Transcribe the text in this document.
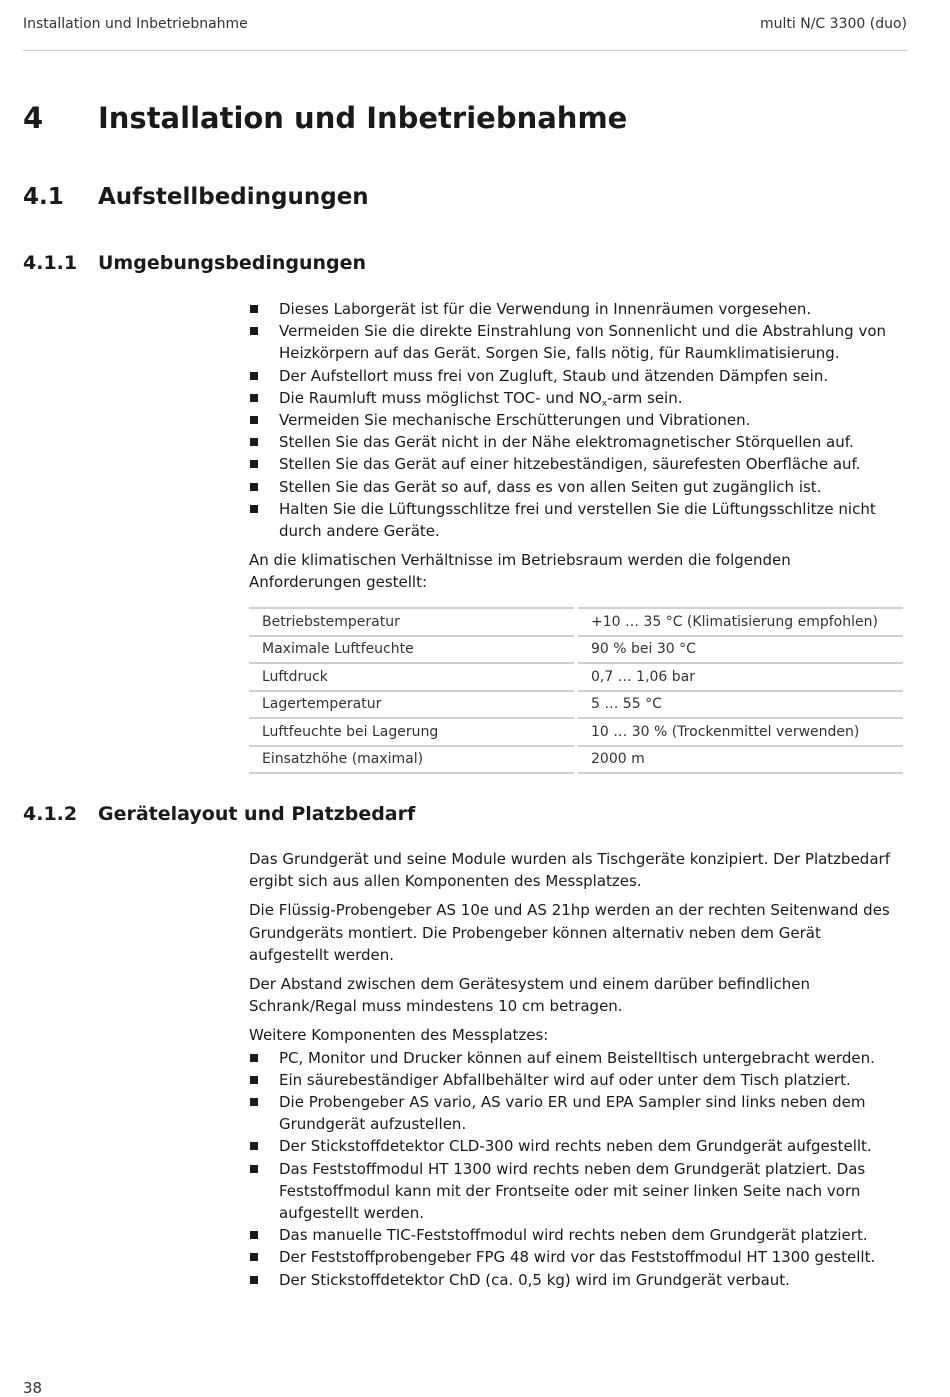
Installation und Inbetriebnahme	multi N/C 3300 (duo)
4 Installation und Inbetriebnahme
4.1 Aufstellbedingungen
4.1.1 Umgebungsbedingungen
Dieses Laborgerät ist für die Verwendung in Innenräumen vorgesehen.
Vermeiden Sie die direkte Einstrahlung von Sonnenlicht und die Abstrahlung von Heizkörpern auf das Gerät. Sorgen Sie, falls nötig, für Raumklimatisierung.
Der Aufstellort muss frei von Zugluft, Staub und ätzenden Dämpfen sein.
Die Raumluft muss möglichst TOC- und $NO_x$-arm sein.
Vermeiden Sie mechanische Erschütterungen und Vibrationen.
Stellen Sie das Gerät nicht in der Nähe elektromagnetischer Störquellen auf.
Stellen Sie das Gerät auf einer hitzebeständigen, säurefesten Oberfläche auf.
Stellen Sie das Gerät so auf, dass es von allen Seiten gut zugänglich ist.
Halten Sie die Lüftungsschlitze frei und verstellen Sie die Lüftungsschlitze nicht durch andere Geräte.

An die klimatischen Verhältnisse im Betriebsraum werden die folgenden Anforderungen gestellt:

Betriebstemperatur		+10 … 35 °C (Klimatisierung empfohlen)
Maximale Luftfeuchte		90 % bei 30 °C
Luftdruck		0,7 … 1,06 bar
Lagertemperatur		5 … 55 °C
Luftfeuchte bei Lagerung		10 … 30 % (Trockenmittel verwenden)
Einsatzhöhe (maximal)		2000 m
4.1.2 Gerätelayout und Platzbedarf

Das Grundgerät und seine Module wurden als Tischgeräte konzipiert. Der Platzbedarf ergibt sich aus allen Komponenten des Messplatzes.

Die Flüssig-Probengeber AS 10e und AS 21hp werden an der rechten Seitenwand des Grundgeräts montiert. Die Probengeber können alternativ neben dem Gerät aufgestellt werden.

Der Abstand zwischen dem Gerätesystem und einem darüber befindlichen Schrank/Regal muss mindestens 10 cm betragen.

Weitere Komponenten des Messplatzes:

PC, Monitor und Drucker können auf einem Beistelltisch untergebracht werden.
Ein säurebeständiger Abfallbehälter wird auf oder unter dem Tisch platziert.
Die Probengeber AS vario, AS vario ER und EPA Sampler sind links neben dem Grundgerät aufzustellen.
Der Stickstoffdetektor CLD-300 wird rechts neben dem Grundgerät aufgestellt.
Das Feststoffmodul HT 1300 wird rechts neben dem Grundgerät platziert. Das Feststoffmodul kann mit der Frontseite oder mit seiner linken Seite nach vorn aufgestellt werden.
Das manuelle TIC-Feststoffmodul wird rechts neben dem Grundgerät platziert.
Der Feststoffprobengeber FPG 48 wird vor das Feststoffmodul HT 1300 gestellt.
Der Stickstoffdetektor ChD (ca. 0,5 kg) wird im Grundgerät verbaut.
38
